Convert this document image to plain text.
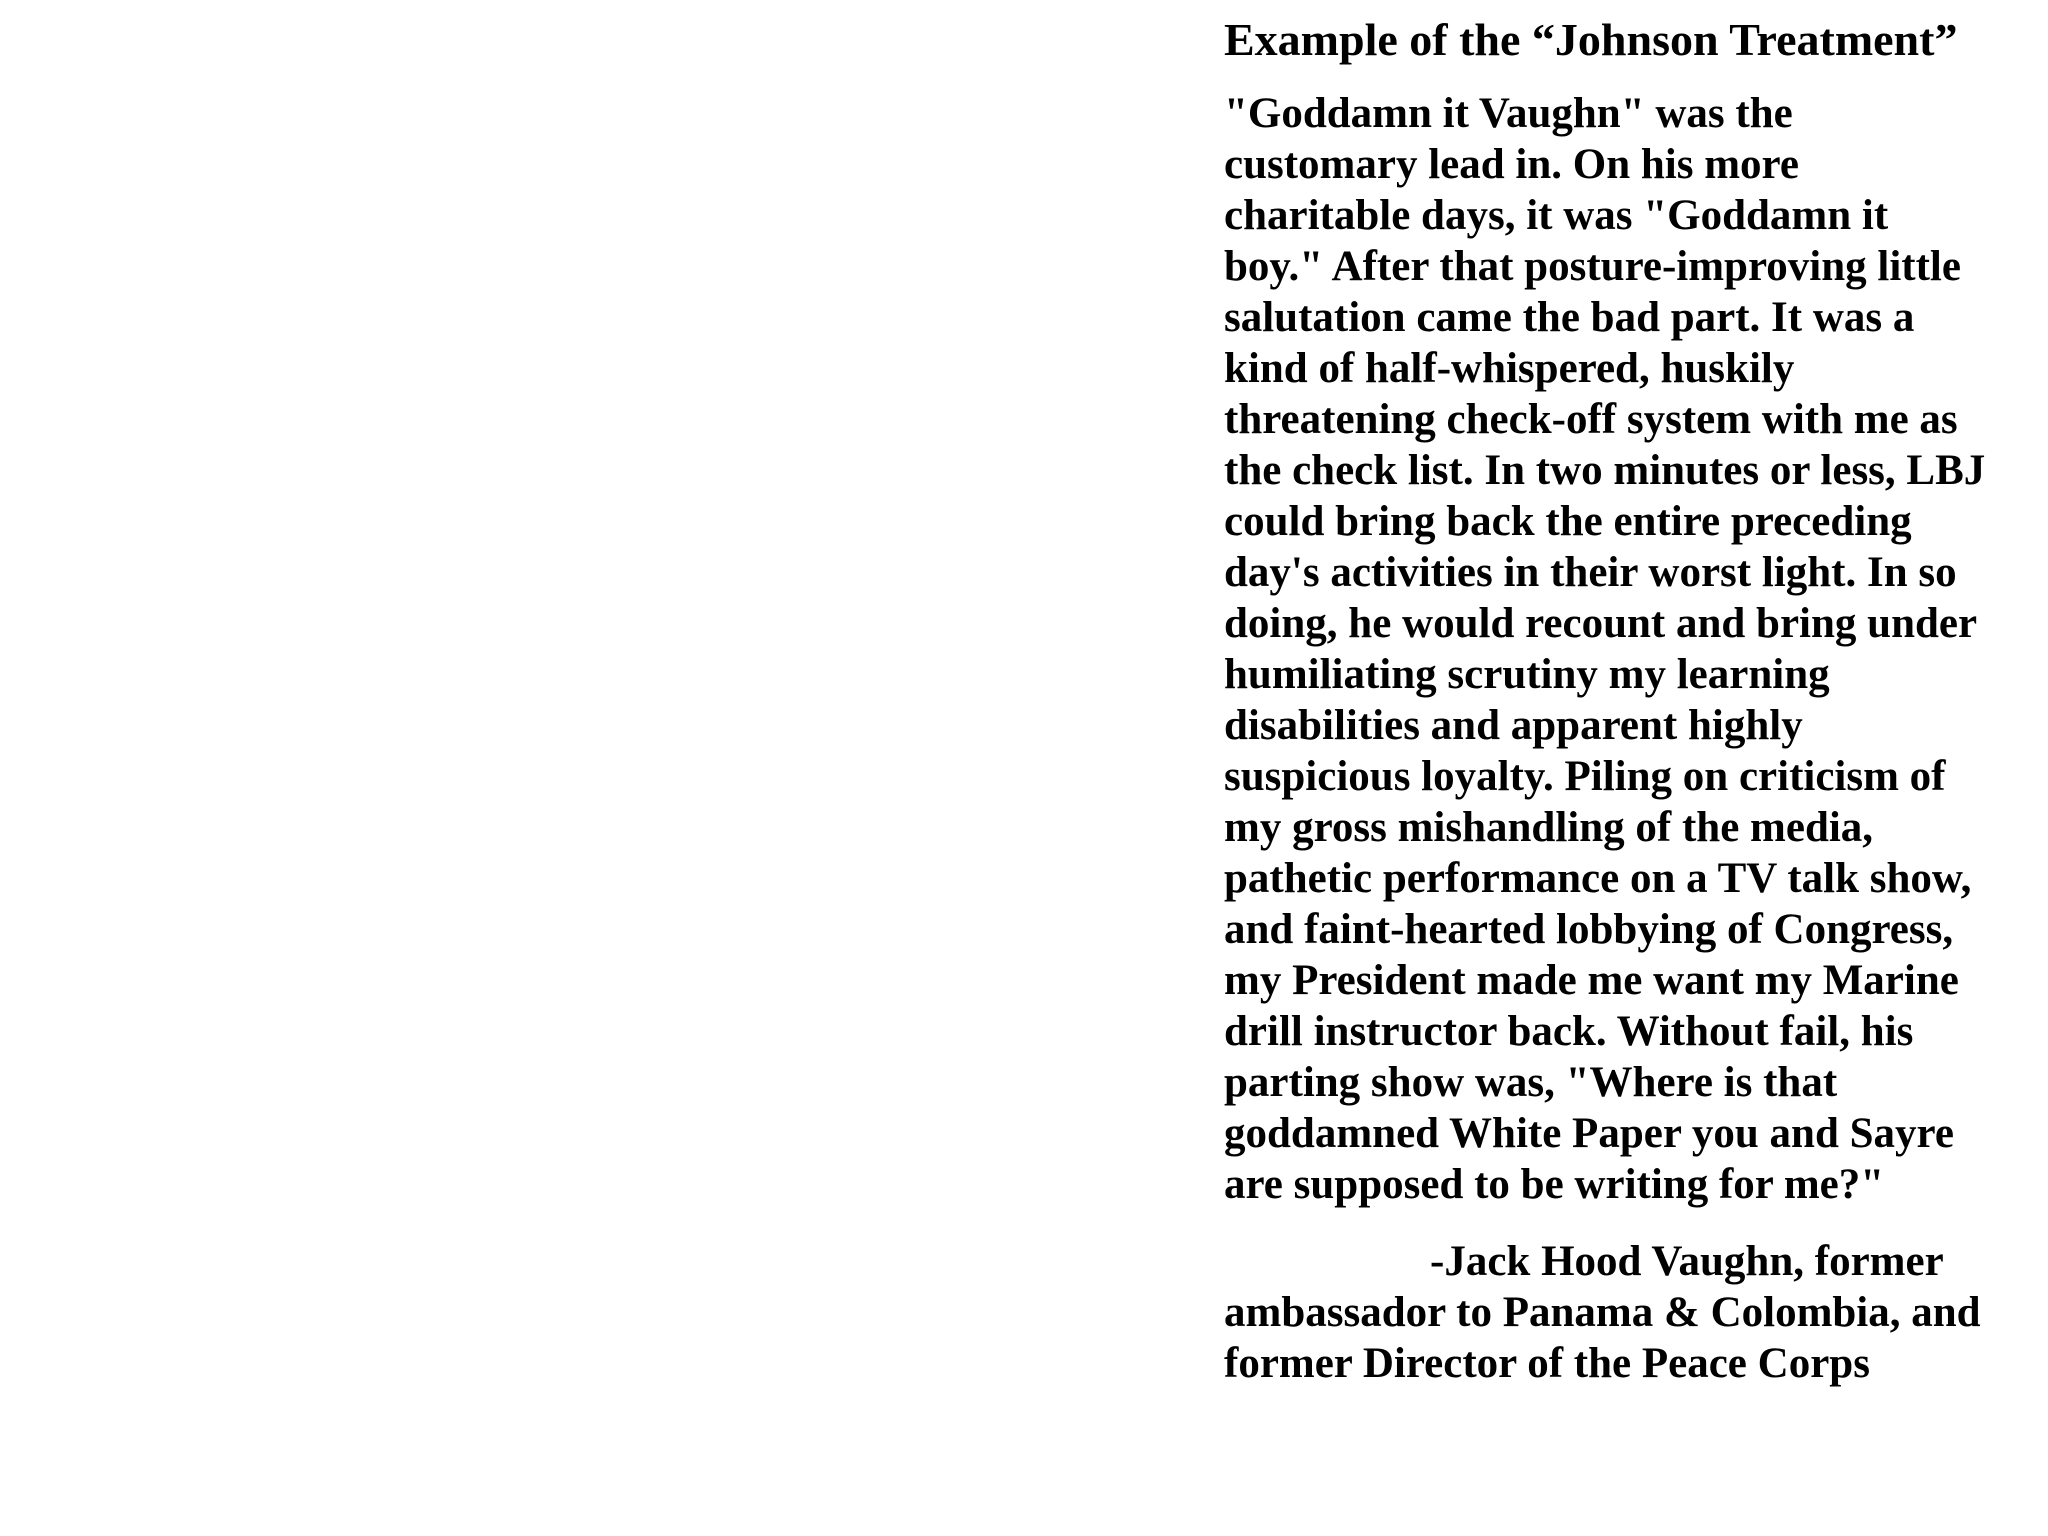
Example of the “Johnson Treatment”

"Goddamn it Vaughn" was the
customary lead in. On his more
charitable days, it was "Goddamn it
boy." After that posture-improving little
salutation came the bad part. It was a
kind of half-whispered, huskily
threatening check-off system with me as
the check list. In two minutes or less, LBJ
could bring back the entire preceding
day's activities in their worst light. In so
doing, he would recount and bring under
humiliating scrutiny my learning
disabilities and apparent highly
suspicious loyalty. Piling on criticism of
my gross mishandling of the media,
pathetic performance on a TV talk show,
and faint-hearted lobbying of Congress,
my President made me want my Marine
drill instructor back. Without fail, his
parting show was, "Where is that
goddamned White Paper you and Sayre
are supposed to be writing for me?"

-Jack Hood Vaughn, former
ambassador to Panama & Colombia, and
former Director of the Peace Corps
